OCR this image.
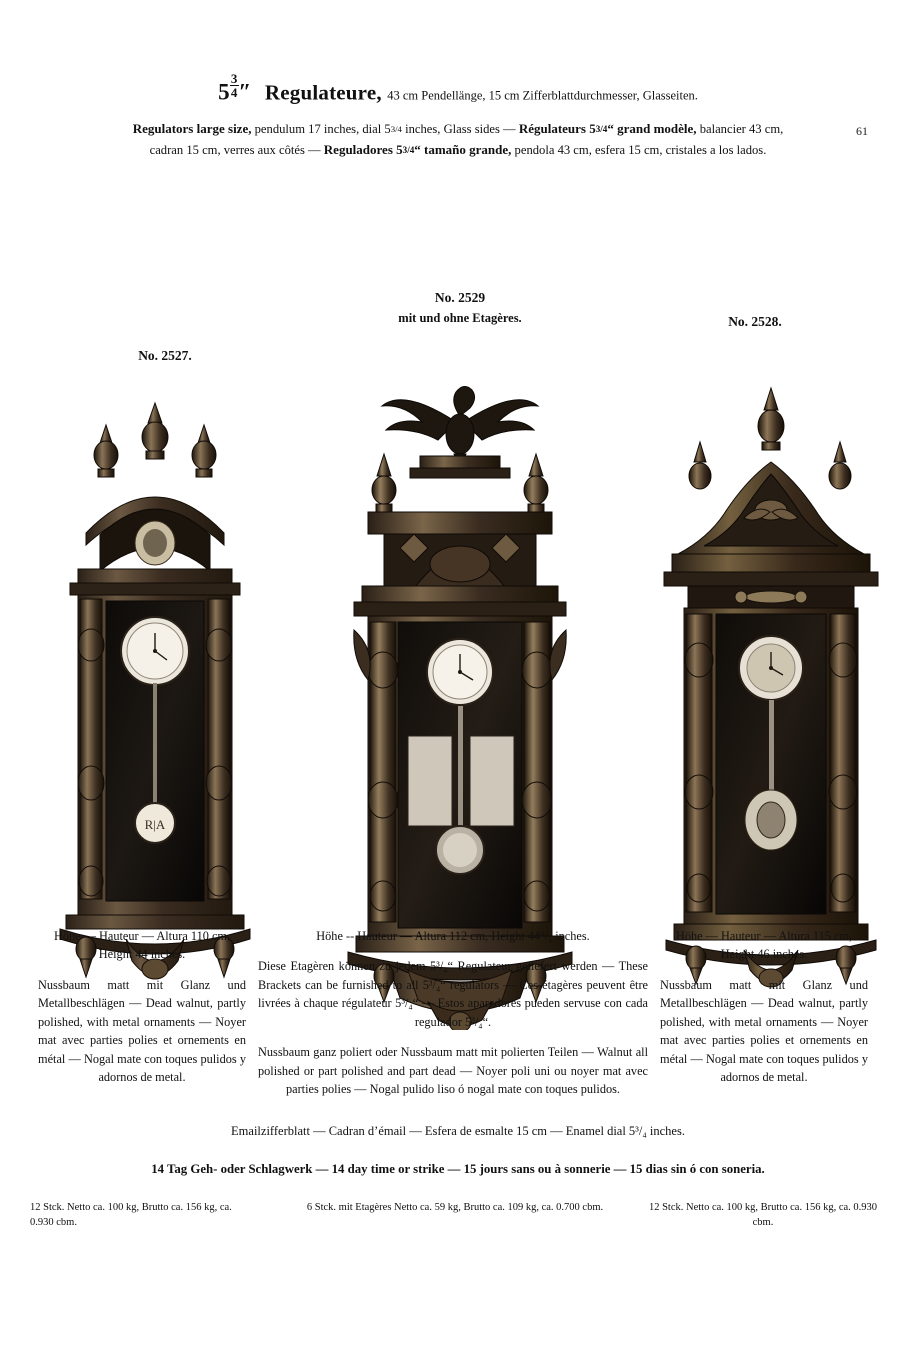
61
$5 \frac{3}{4}$ ″ Regulateure, 43 cm Pendellänge, 15 cm Zifferblattdurchmesser, Glasseiten.
Regulators large size, pendulum 17 inches, dial 53/4 inches, Glass sides — Régulateurs 53/4“ grand modèle, balancier 43 cm,
cadran 15 cm, verres aux côtés — Reguladores 53/4“ tamaño grande, pendola 43 cm, esfera 15 cm, cristales a los lados.
No. 2529
mit und ohne Etagères.
No. 2527.
No. 2528.
R|A
Höhe — Hauteur — Altura 110 cm,
Height 44 inches.
Nussbaum matt mit Glanz und Metallbeschlägen — Dead walnut, partly polished, with metal ornaments — Noyer mat avec parties polies et ornements en métal — Nogal mate con toques pulidos y adornos de metal.
Höhe -- Hauteur — Altura 112 cm, Height 44⁹/₄ inches.
Diese Etagèren können zu jedem 5³/₄“ Regulateur geliefert werden — These Brackets can be furnished to all 5³/₄“ regulators — Ces étagères peuvent être livrées à chaque régulateur 5³/₄“ — Estos aparadores pueden servuse con cada regulador 5³/₄“.
Nussbaum ganz poliert oder Nussbaum matt mit polierten Teilen — Walnut all polished or part polished and part dead — Noyer poli uni ou noyer mat avec parties polies — Nogal pulido liso ó nogal mate con toques pulidos.
Höhe — Hauteur — Altura 115 cm,
Height 46 inches.
Nussbaum matt mit Glanz und Metallbeschlägen — Dead walnut, partly polished, with metal ornaments — Noyer mat avec parties polies et ornements en métal — Nogal mate con toques pulidos y adornos de metal.
Emailzifferblatt — Cadran d’émail — Esfera de esmalte 15 cm — Enamel dial 5³/₄ inches.
14 Tag Geh- oder Schlagwerk — 14 day time or strike — 15 jours sans ou à sonnerie — 15 dias sin ó con soneria.
12 Stck. Netto ca. 100 kg, Brutto ca. 156 kg, ca. 0.930 cbm.
6 Stck. mit Etagères Netto ca. 59 kg, Brutto ca. 109 kg, ca. 0.700 cbm.	12 Stck. Netto ca. 100 kg, Brutto ca. 156 kg, ca. 0.930 cbm.
